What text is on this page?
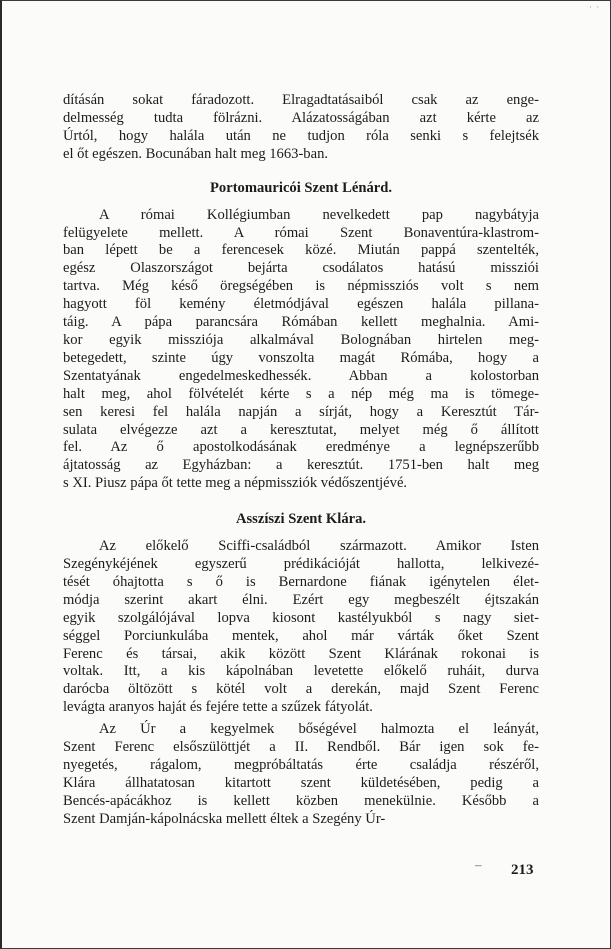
· ·

dításán sokat fáradozott. Elragadtatásaiból csak az enge-
delmesség tudta fölrázni. Alázatosságában azt kérte az
Úrtól, hogy halála után ne tudjon róla senki s felejtsék
el őt egészen. Bocunában halt meg 1663-ban.

Portomauricói Szent Lénárd.

A római Kollégiumban nevelkedett pap nagybátyja
felügyelete mellett. A római Szent Bonaventúra-klastrom-
ban lépett be a ferencesek közé. Miután pappá szentelték,
egész Olaszországot bejárta csodálatos hatású missziói
tartva. Még késő öregségében is népmissziós volt s nem
hagyott föl kemény életmódjával egészen halála pillana-
táig. A pápa parancsára Rómában kellett meghalnia. Ami-
kor egyik missziója alkalmával Bolognában hirtelen meg-
betegedett, szinte úgy vonszolta magát Rómába, hogy a
Szentatyának engedelmeskedhessék. Abban a kolostorban
halt meg, ahol fölvételét kérte s a nép még ma is tömege-
sen keresi fel halála napján a sírját, hogy a Keresztút Tár-
sulata elvégezze azt a keresztutat, melyet még ő állított
fel. Az ő apostolkodásának eredménye a legnépszerűbb
ájtatosság az Egyházban: a keresztút. 1751-ben halt meg
s XI. Piusz pápa őt tette meg a népmissziók védőszentjévé.

Asszíszi Szent Klára.

Az előkelő Sciffi-családból származott. Amikor Isten
Szegénykéjének egyszerű prédikációját hallotta, lelkivezé-
tését óhajtotta s ő is Bernardone fiának igénytelen élet-
módja szerint akart élni. Ezért egy megbeszélt éjtszakán
egyik szolgálójával lopva kiosont kastélyukból s nagy siet-
séggel Porciunkulába mentek, ahol már várták őket Szent
Ferenc és társai, akik között Szent Klárának rokonai is
voltak. Itt, a kis kápolnában levetette előkelő ruháit, durva
darócba öltözött s kötél volt a derekán, majd Szent Ferenc
levágta aranyos haját és fejére tette a szűzek fátyolát.

Az Úr a kegyelmek bőségével halmozta el leányát,
Szent Ferenc elsőszülöttjét a II. Rendből. Bár igen sok fe-
nyegetés, rágalom, megpróbáltatás érte családja részéről,
Klára állhatatosan kitartott szent küldetésében, pedig a
Bencés-apácákhoz is kellett közben menekülnie. Később a
Szent Damján-kápolnácska mellett éltek a Szegény Úr-

– 213
